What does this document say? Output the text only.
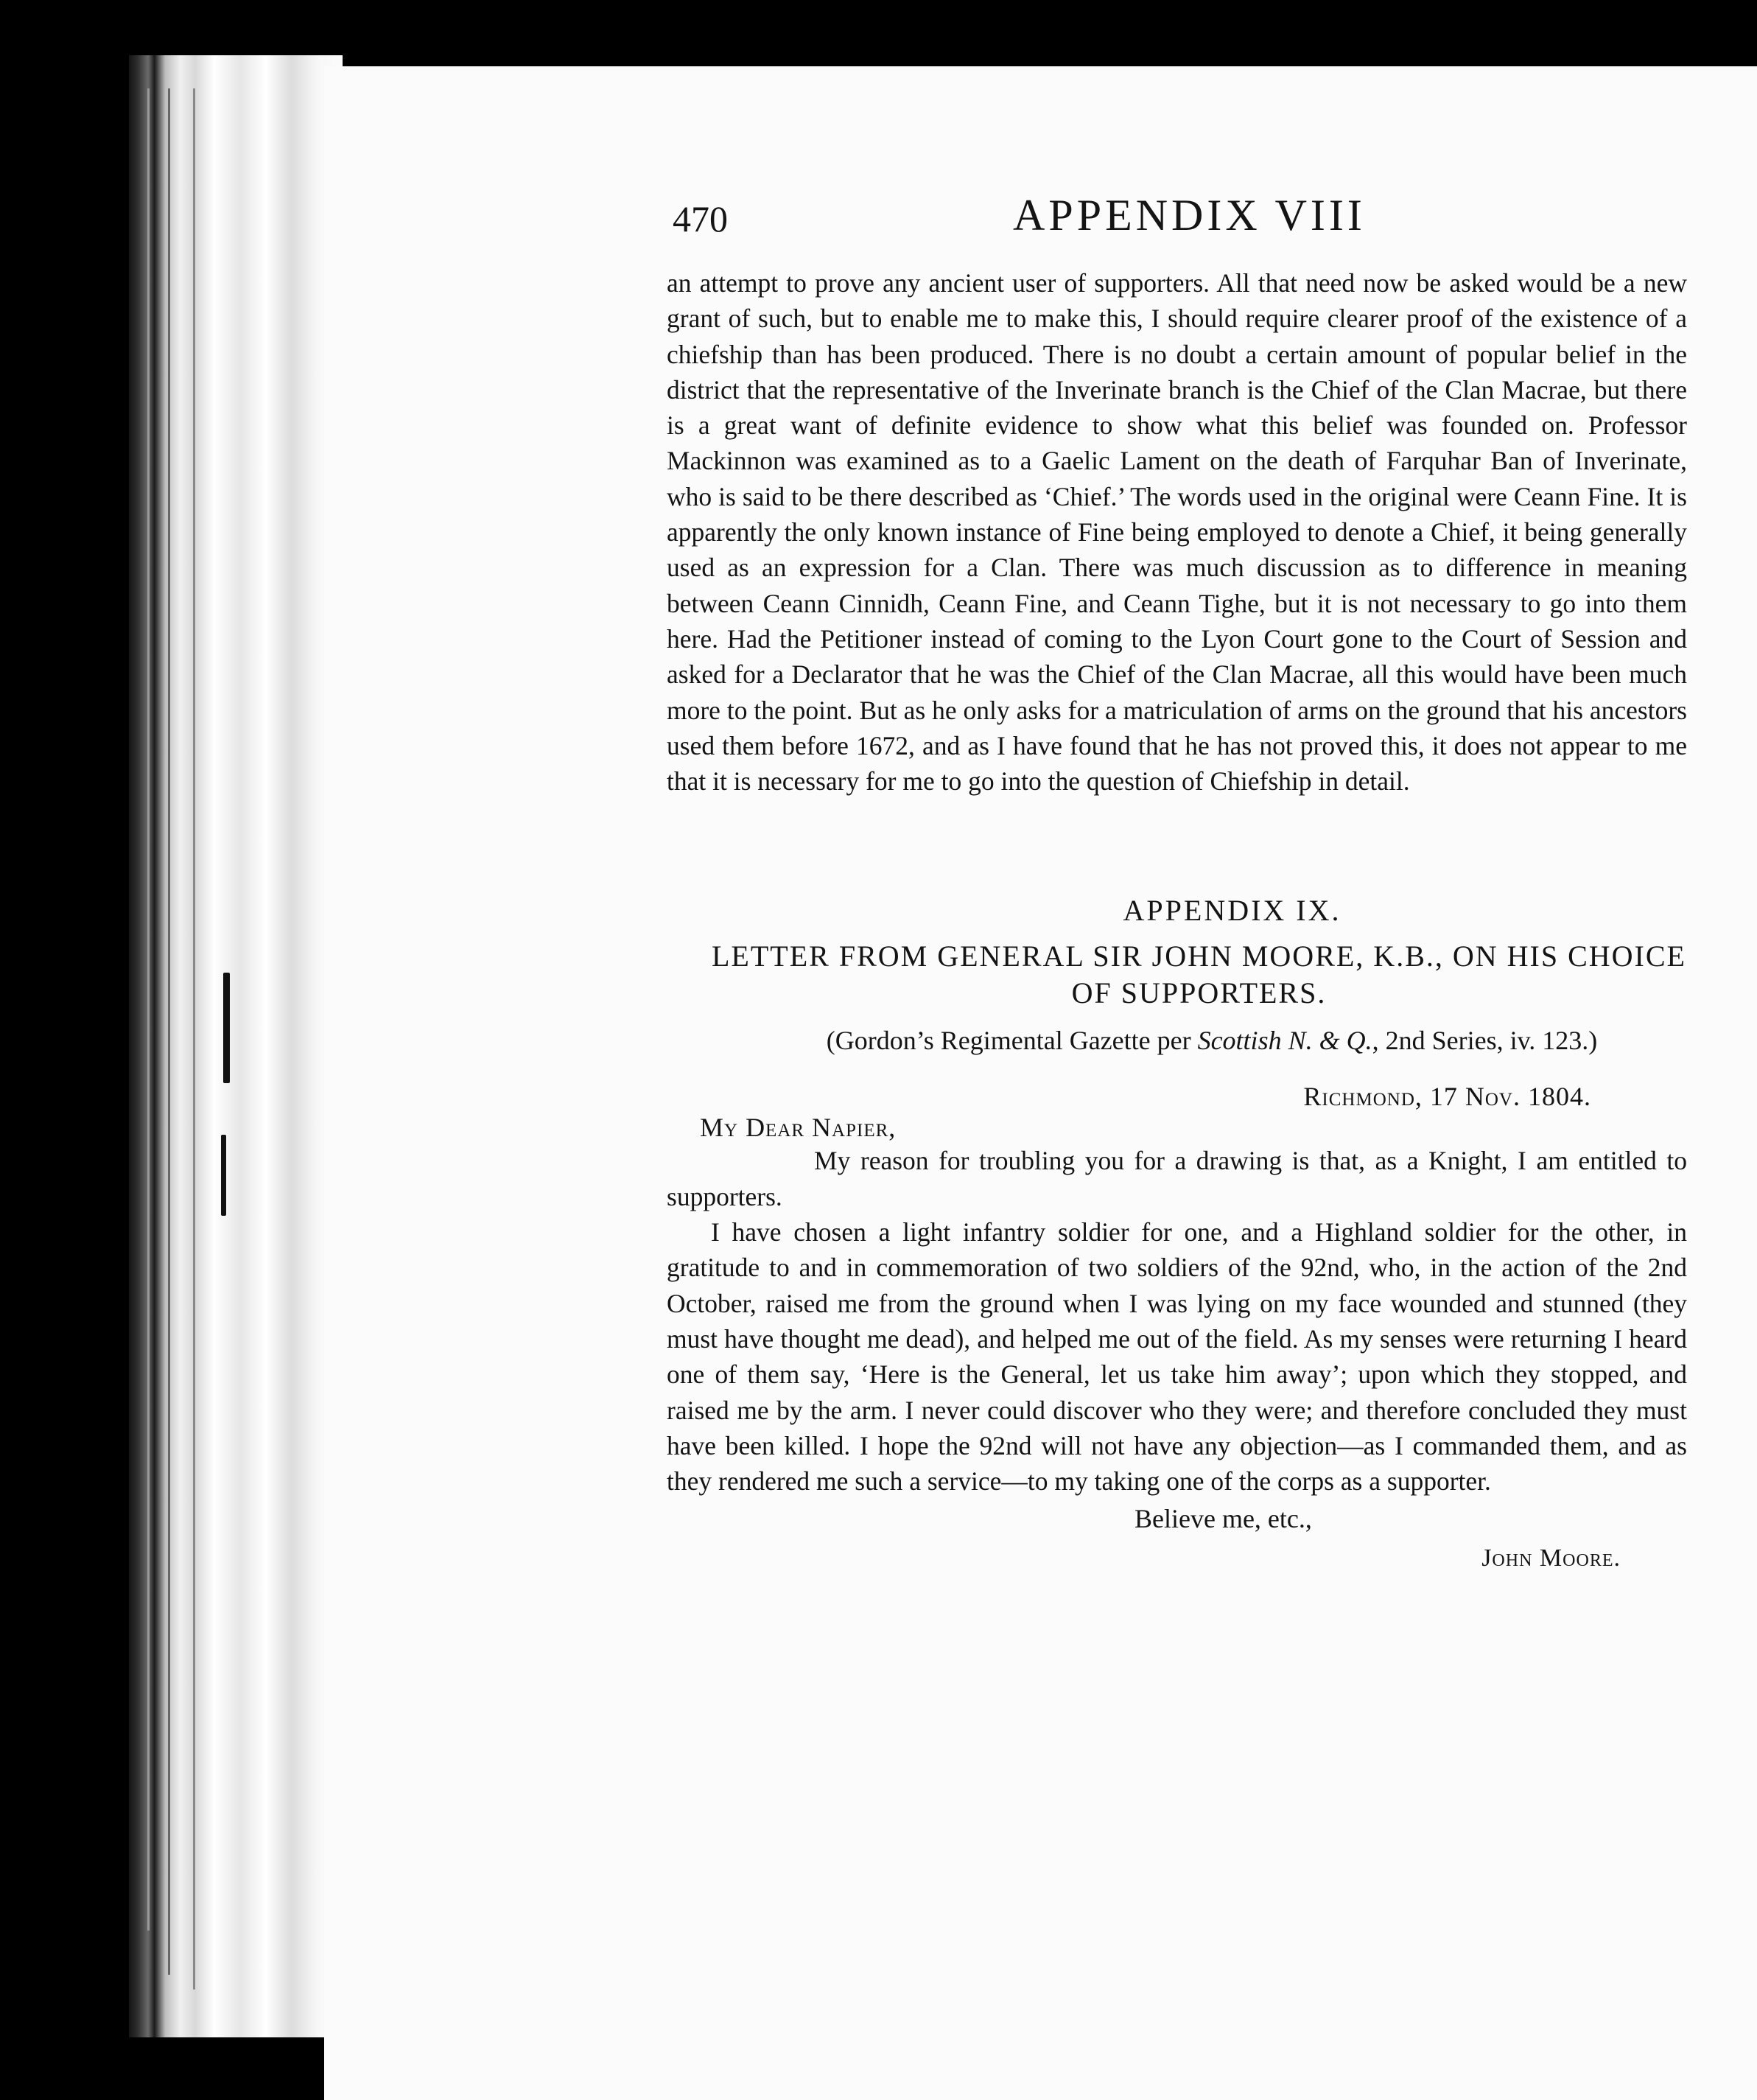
470	APPENDIX VIII

an attempt to prove any ancient user of supporters. All that need now be asked would be a new grant of such, but to enable me to make this, I should require clearer proof of the existence of a chiefship than has been produced. There is no doubt a certain amount of popular belief in the district that the representative of the Inverinate branch is the Chief of the Clan Macrae, but there is a great want of definite evidence to show what this belief was founded on. Professor Mackinnon was examined as to a Gaelic Lament on the death of Farquhar Ban of Inverinate, who is said to be there described as ‘Chief.’ The words used in the original were Ceann Fine. It is apparently the only known instance of Fine being employed to denote a Chief, it being generally used as an expression for a Clan. There was much discussion as to difference in meaning between Ceann Cinnidh, Ceann Fine, and Ceann Tighe, but it is not necessary to go into them here. Had the Petitioner instead of coming to the Lyon Court gone to the Court of Session and asked for a Declarator that he was the Chief of the Clan Macrae, all this would have been much more to the point. But as he only asks for a matriculation of arms on the ground that his ancestors used them before 1672, and as I have found that he has not proved this, it does not appear to me that it is necessary for me to go into the question of Chiefship in detail.

APPENDIX IX.
LETTER FROM GENERAL SIR JOHN MOORE, K.B., ON HIS CHOICE OF SUPPORTERS.
(Gordon’s Regimental Gazette per Scottish N. & Q., 2nd Series, iv. 123.)
Richmond, 17 Nov. 1804.

My Dear Napier,

My reason for troubling you for a drawing is that, as a Knight, I am entitled to supporters.

I have chosen a light infantry soldier for one, and a Highland soldier for the other, in gratitude to and in commemoration of two soldiers of the 92nd, who, in the action of the 2nd October, raised me from the ground when I was lying on my face wounded and stunned (they must have thought me dead), and helped me out of the field. As my senses were returning I heard one of them say, ‘Here is the General, let us take him away’; upon which they stopped, and raised me by the arm. I never could discover who they were; and therefore concluded they must have been killed. I hope the 92nd will not have any objection—as I commanded them, and as they rendered me such a service—to my taking one of the corps as a supporter.

Believe me, etc.,
John Moore.
